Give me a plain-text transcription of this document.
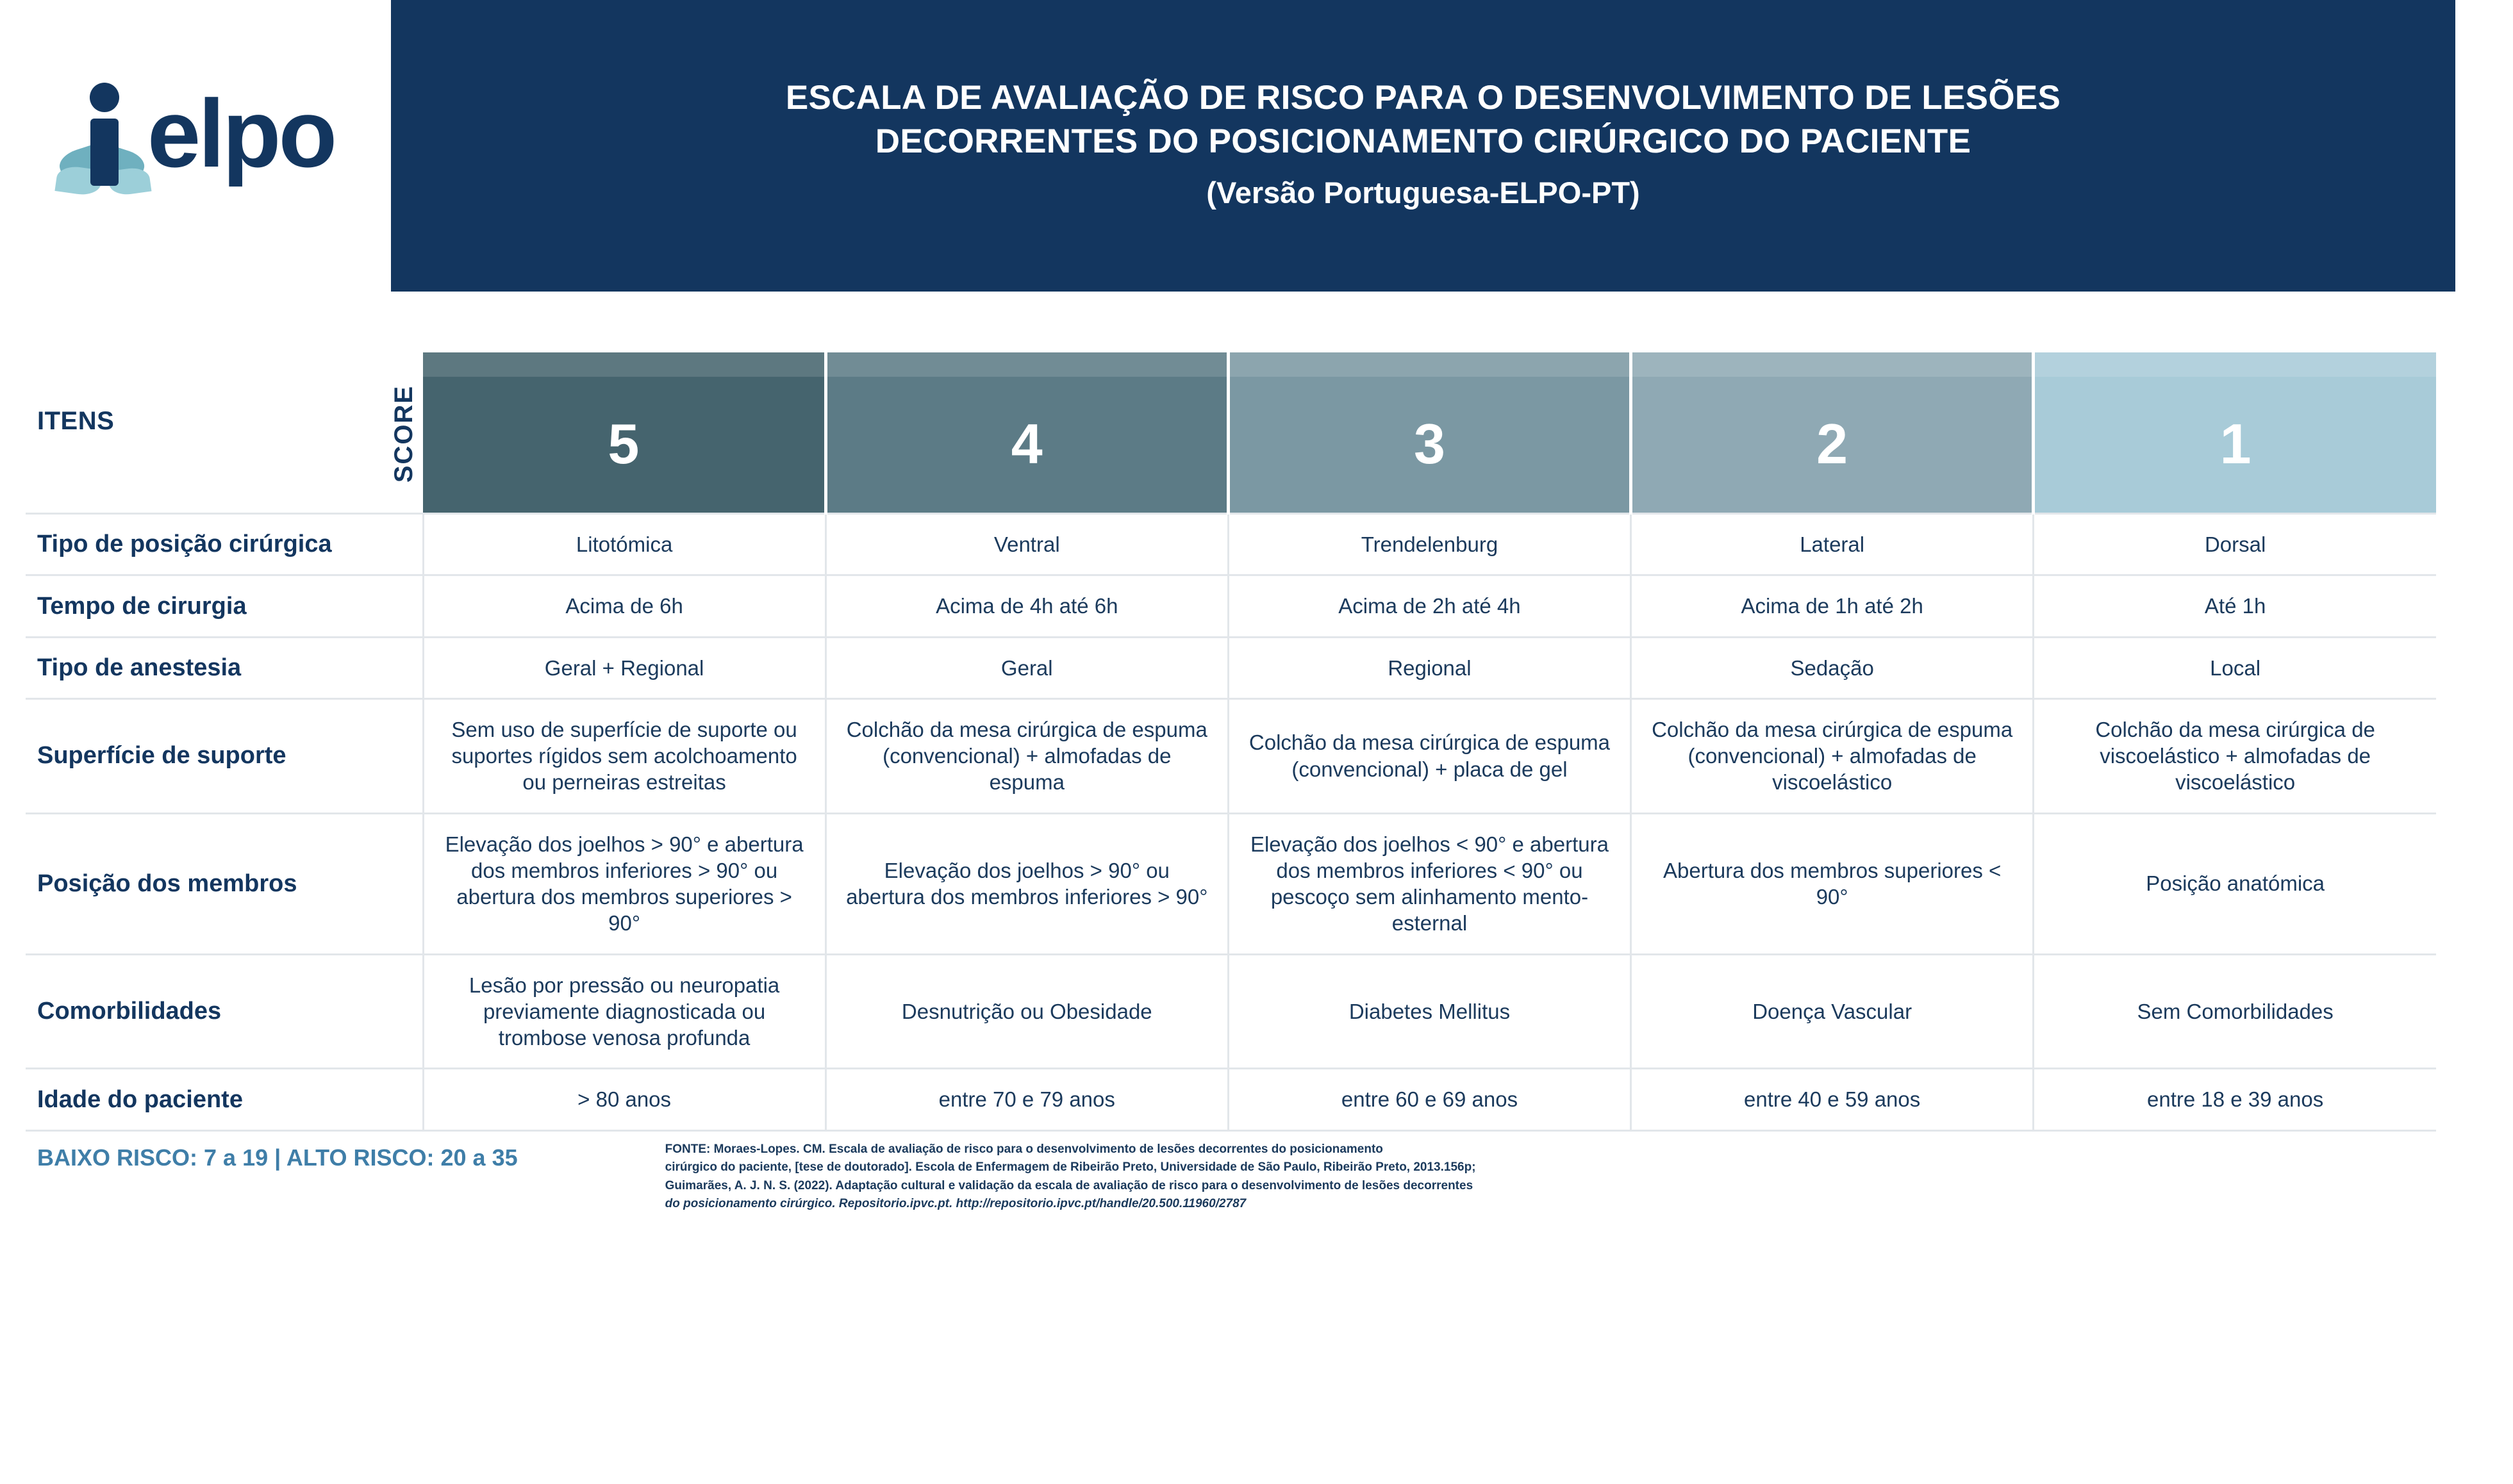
elpo	ESCALA DE AVALIAÇÃO DE RISCO PARA O DESENVOLVIMENTO DE LESÕES
DECORRENTES DO POSICIONAMENTO CIRÚRGICO DO PACIENTE
(Versão Portuguesa-ELPO-PT)
ITENS	SCORE	5	4	3	2	1
Tipo de posição cirúrgica		Litotómica	Ventral	Trendelenburg	Lateral	Dorsal
Tempo de cirurgia		Acima de 6h	Acima de 4h até 6h	Acima de 2h até 4h	Acima de 1h até 2h	Até 1h
Tipo de anestesia		Geral + Regional	Geral	Regional	Sedação	Local
Superfície de suporte		Sem uso de superfície de suporte ou suportes rígidos sem acolchoamento ou perneiras estreitas	Colchão da mesa cirúrgica de espuma (convencional) + almofadas de espuma	Colchão da mesa cirúrgica de espuma (convencional) + placa de gel	Colchão da mesa cirúrgica de espuma (convencional) + almofadas de viscoelástico	Colchão da mesa cirúrgica de viscoelástico + almofadas de viscoelástico
Posição dos membros		Elevação dos joelhos > 90° e abertura dos membros inferiores > 90° ou abertura dos membros superiores > 90°	Elevação dos joelhos > 90° ou abertura dos membros inferiores > 90°	Elevação dos joelhos < 90° e abertura dos membros inferiores < 90° ou pescoço sem alinhamento mento-esternal	Abertura dos membros superiores < 90°	Posição anatómica
Comorbilidades		Lesão por pressão ou neuropatia previamente diagnosticada ou trombose venosa profunda	Desnutrição ou Obesidade	Diabetes Mellitus	Doença Vascular	Sem Comorbilidades
Idade do paciente		> 80 anos	entre 70 e 79 anos	entre 60 e 69 anos	entre 40 e 59 anos	entre 18 e 39 anos
BAIXO RISCO: 7 a 19 | ALTO RISCO: 20 a 35	FONTE: Moraes-Lopes. CM. Escala de avaliação de risco para o desenvolvimento de lesões decorrentes do posicionamento
cirúrgico do paciente, [tese de doutorado]. Escola de Enfermagem de Ribeirão Preto, Universidade de São Paulo, Ribeirão Preto, 2013.156p;
Guimarães, A. J. N. S. (2022). Adaptação cultural e validação da escala de avaliação de risco para o desenvolvimento de lesões decorrentes
do posicionamento cirúrgico. Repositorio.ipvc.pt. http://repositorio.ipvc.pt/handle/20.500.11960/2787
